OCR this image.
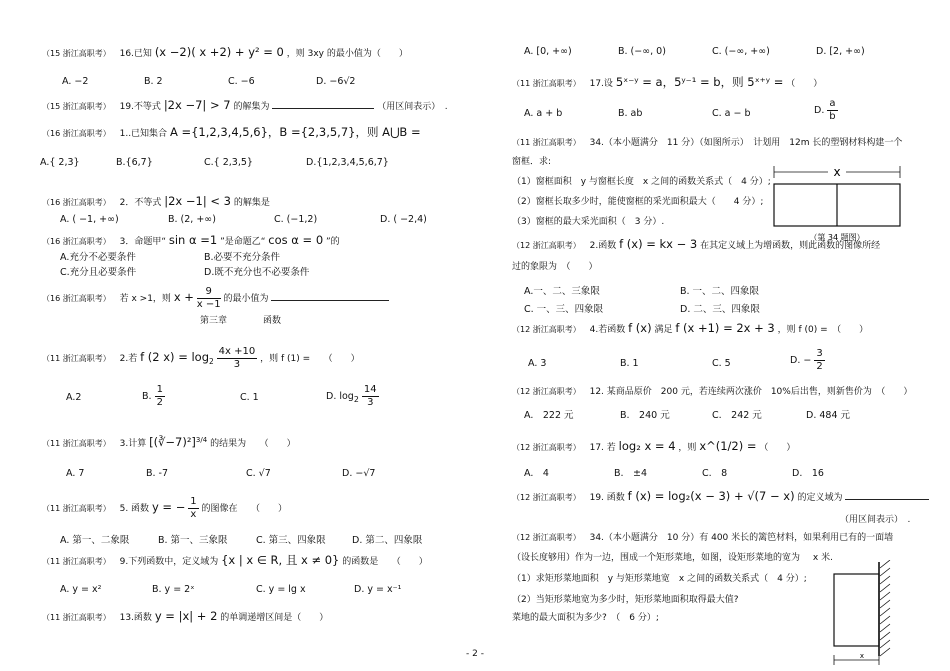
（15 浙江高职考） 16.已知 (x −2)( x +2) + y² = 0 ，则 3xy 的最小值为（　　）
A. −2	B. 2	C. −6	D. −6√2
（15 浙江高职考） 19.不等式 |2x −7| > 7 的解集为	（用区间表示）　.
（16 浙江高职考） 1..已知集合 A ={1,2,3,4,5,6}，B ={2,3,5,7}，则 A⋃B =
A.{ 2,3}	B.{6,7}	C.{ 2,3,5}	D.{1,2,3,4,5,6,7}
（16 浙江高职考） 2．不等式 |2x −1| < 3 的解集是
A. ( −1, +∞)	B. (2, +∞)	C. (−1,2)	D. ( −2,4)
（16 浙江高职考） 3．命题甲“ sin α =1 ”是命题乙“ cos α = 0 ”的
A.充分不必要条件	B.必要不充分条件
C.充分且必要条件	D.既不充分也不必要条件
（16 浙江高职考） 若 x >1，则 $x + \frac{9}{x -1}$ 的最小值为
第三章　　　　函数
（11 浙江高职考） 2.若 f (2 $x) = \log_2 \frac{4x +10}{3}$ ，则 f (1) =　　（　　）
A.2	B. $\frac{1}{2}$	C. 1	D. $\log_2 \frac{14}{3}$
（11 浙江高职考） 3.计算 [(∛−7)²]$^{3/4}$ 的结果为　　（　　）
A. 7	B. -7	C. √7	D. −√7
（11 浙江高职考） 5. 函数 y = − $\frac{1}{x}$ 的图像在　　（　　）
A. 第一、二象限	B. 第一、三象限	C. 第三、四象限	D. 第二、四象限
（11 浙江高职考） 9.下列函数中，定义域为 {x | x ∈ R, 且 x ≠ 0} 的函数是　　（　　）
A. y = x²	B. y = 2ˣ	C. y = lg x	D. y = x⁻¹
（11 浙江高职考） 13.函数 y = |x| + 2 的单调递增区间是（　　）
A. [0, +∞)	B. (−∞, 0)	C. (−∞, +∞)	D. [2, +∞)
（11 浙江高职考） 17.设 5ˣ⁻ʸ = a，5ʸ⁻¹ = b，则 5ˣ⁺ʸ = （　　）
A. a + b	B. ab	C. a − b	D. $\frac{a}{b}$
（11 浙江高职考） 34.（本小题满分　11 分）（如图所示）　计划用　12m 长的塑钢材料构建一个
窗框．求:
（1）窗框面积　y 与窗框长度　x 之间的函数关系式（　4 分）;
（2）窗框长取多少时，能使窗框的采光面积最大（　　4 分）;
（3）窗框的最大采光面积（　3 分）.
x
（第 34 题图）
（12 浙江高职考） 2.函数 f (x) = kx − 3 在其定义域上为增函数，则此函数的图像所经
过的象限为　（　　）
A.一、二、三象限	B. 一、二、四象限
C. 一、三、四象限	D. 二、三、四象限
（12 浙江高职考） 4.若函数 f (x) 满足 f (x +1) = 2x + 3 ，则 f (0) =　（　　）
A. 3	B. 1	C. 5	D. − $\frac{3}{2}$
（12 浙江高职考） 12. 某商品原价　200 元，若连续两次涨价　10%后出售，则新售价为　（　　）
A.　222 元	B.　240 元	C.　242 元	D. 484 元
（12 浙江高职考） 17. 若 log₂ x = 4 ，则 x^(1/2) = （　　）
A.　4	B.　±4	C.　8	D.　16
（12 浙江高职考） 19. 函数 f (x) = log₂(x − 3) + √(7 − x) 的定义域为
（用区间表示）　.
（12 浙江高职考） 34.（本小题满分　10 分）有 400 米长的篱笆材料，如果利用已有的一面墙
（设长度够用）作为一边，围成一个矩形菜地，如图，设矩形菜地的宽为 x 米.
（1）求矩形菜地面积　y 与矩形菜地宽　x 之间的函数关系式（　4 分）;
（2）当矩形菜地宽为多少时，矩形菜地面积取得最大值?
菜地的最大面积为多少?　（　6 分）;
x
- 2 -
